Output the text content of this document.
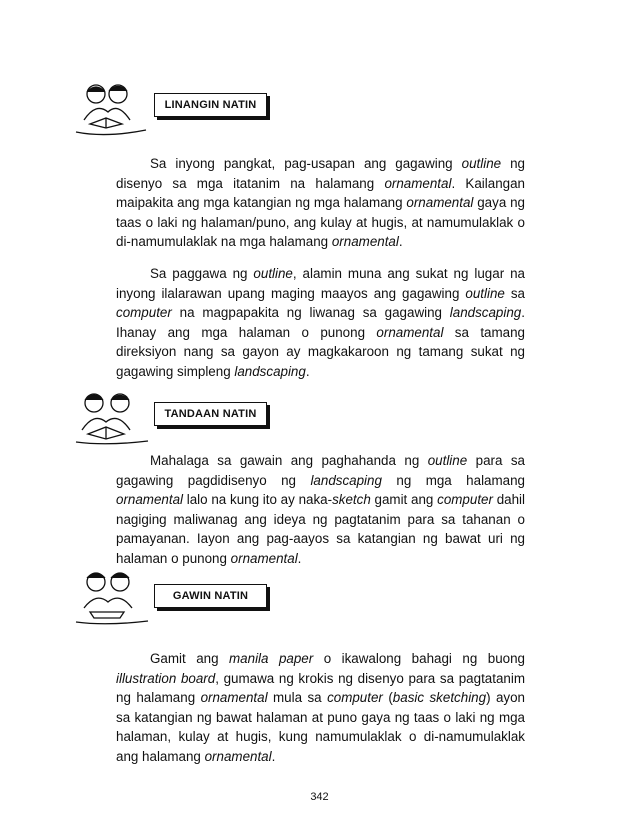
LINANGIN NATIN

Sa inyong pangkat, pag-usapan ang gagawing outline ng disenyo sa mga itatanim na halamang ornamental. Kailangan maipakita ang mga katangian ng mga halamang ornamental gaya ng taas o laki ng halaman/puno, ang kulay at hugis, at namumulaklak o di-namumulaklak na mga halamang ornamental.

Sa paggawa ng outline, alamin muna ang sukat ng lugar na inyong ilalarawan upang maging maayos ang gagawing outline sa computer na magpapakita ng liwanag sa gagawing landscaping. Ihanay ang mga halaman o punong ornamental sa tamang direksiyon nang sa gayon ay magkakaroon ng tamang sukat ng gagawing simpleng landscaping.

TANDAAN NATIN

Mahalaga sa gawain ang paghahanda ng outline para sa gagawing pagdidisenyo ng landscaping ng mga halamang ornamental lalo na kung ito ay naka-sketch gamit ang computer dahil nagiging maliwanag ang ideya ng pagtatanim para sa tahanan o pamayanan. Iayon ang pag-aayos sa katangian ng bawat uri ng halaman o punong ornamental.

GAWIN NATIN

Gamit ang manila paper o ikawalong bahagi ng buong illustration board, gumawa ng krokis ng disenyo para sa pagtatanim ng halamang ornamental mula sa computer (basic sketching) ayon sa katangian ng bawat halaman at puno gaya ng taas o laki ng mga halaman, kulay at hugis, kung namumulaklak o di-namumulaklak ang halamang ornamental.

342
